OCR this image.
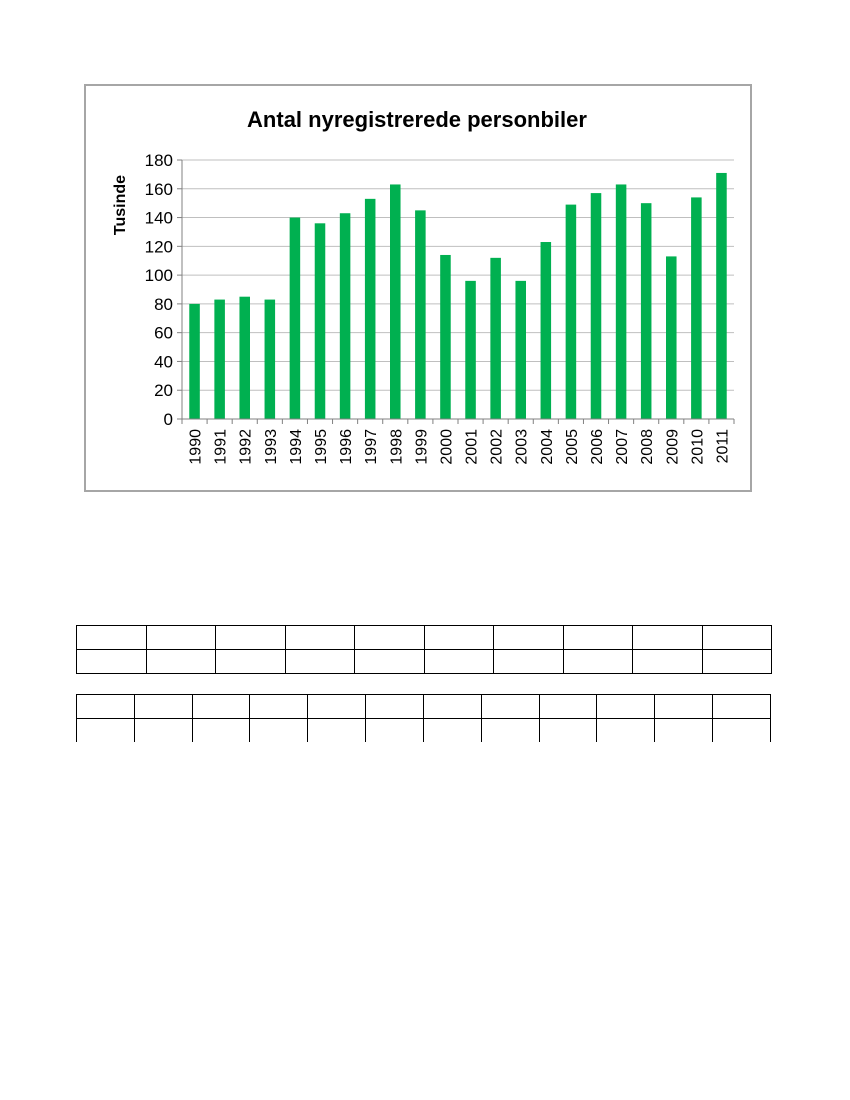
Antal nyregistrerede personbiler
Tusinde
0
20
40
60
80
100
120
140
160
180
1990 1991 1992 1993 1994 1995 1996 1997 1998 1999 2000 2001 2002 2003 2004 2005 2006 2007 2008 2009 2010 2011
